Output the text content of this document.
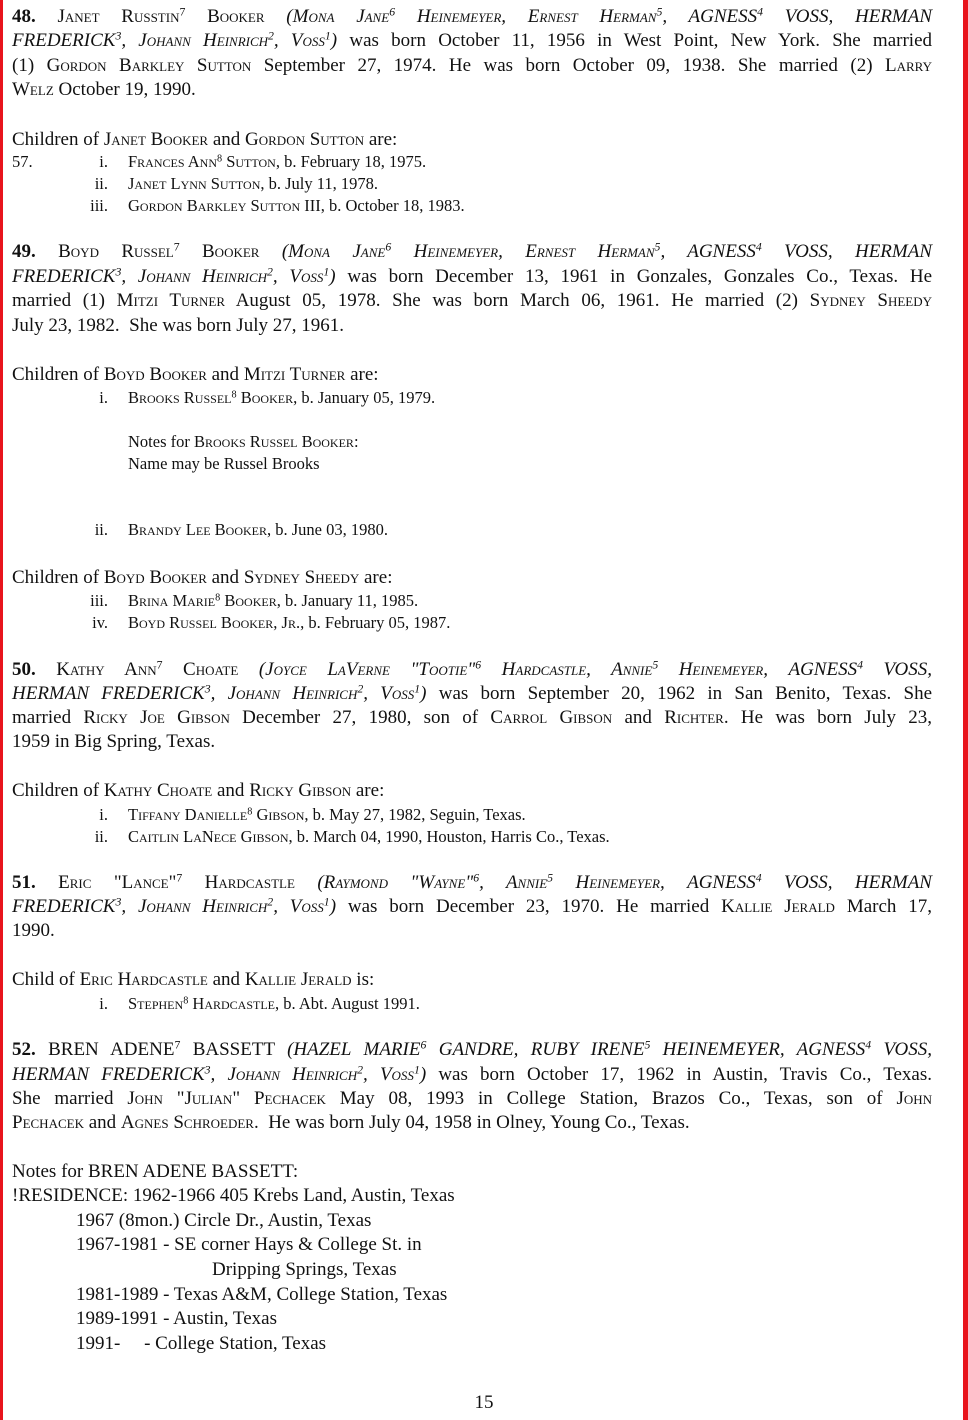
48. Janet Russtin$^7$ Booker (Mona Jane$^6$ Heinemeyer, Ernest Herman$^5$, AGNESS$^4$ VOSS, HERMAN
FREDERICK$^3$, Johann Heinrich$^2$, Voss$^1$) was born October 11, 1956 in West Point, New York. She married
(1) Gordon Barkley Sutton September 27, 1974. He was born October 09, 1938. She married (2) Larry
Welz October 19, 1990.
Children of Janet Booker and Gordon Sutton are:
57.	i. Frances Ann$^8$ Sutton, b. February 18, 1975.
ii. Janet Lynn Sutton, b. July 11, 1978.
iii. Gordon Barkley Sutton III, b. October 18, 1983.
49. Boyd Russel$^7$ Booker (Mona Jane$^6$ Heinemeyer, Ernest Herman$^5$, AGNESS$^4$ VOSS, HERMAN
FREDERICK$^3$, Johann Heinrich$^2$, Voss$^1$) was born December 13, 1961 in Gonzales, Gonzales Co., Texas. He
married (1) Mitzi Turner August 05, 1978. She was born March 06, 1961. He married (2) Sydney Sheedy
July 23, 1982.  She was born July 27, 1961.
Children of Boyd Booker and Mitzi Turner are:
i. Brooks Russel$^8$ Booker, b. January 05, 1979.
Notes for Brooks Russel Booker:
Name may be Russel Brooks
ii. Brandy Lee Booker, b. June 03, 1980.
Children of Boyd Booker and Sydney Sheedy are:
iii. Brina Marie$^8$ Booker, b. January 11, 1985.
iv. Boyd Russel Booker, Jr., b. February 05, 1987.
50. Kathy Ann$^7$ Choate (Joyce LaVerne "Tootie"$^6$ Hardcastle, Annie$^5$ Heinemeyer, AGNESS$^4$ VOSS,
HERMAN FREDERICK$^3$, Johann Heinrich$^2$, Voss$^1$) was born September 20, 1962 in San Benito, Texas. She
married Ricky Joe Gibson December 27, 1980, son of Carrol Gibson and Richter. He was born July 23,
1959 in Big Spring, Texas.
Children of Kathy Choate and Ricky Gibson are:
i. Tiffany Danielle$^8$ Gibson, b. May 27, 1982, Seguin, Texas.
ii. Caitlin LaNece Gibson, b. March 04, 1990, Houston, Harris Co., Texas.
51. Eric "Lance"$^7$ Hardcastle (Raymond "Wayne"$^6$, Annie$^5$ Heinemeyer, AGNESS$^4$ VOSS, HERMAN
FREDERICK$^3$, Johann Heinrich$^2$, Voss$^1$) was born December 23, 1970. He married Kallie Jerald March 17,
1990.
Child of Eric Hardcastle and Kallie Jerald is:
i. Stephen$^8$ Hardcastle, b. Abt. August 1991.
52. BREN ADENE$^7$ BASSETT (HAZEL MARIE$^6$ GANDRE, RUBY IRENE$^5$ HEINEMEYER, AGNESS$^4$ VOSS,
HERMAN FREDERICK$^3$, Johann Heinrich$^2$, Voss$^1$) was born October 17, 1962 in Austin, Travis Co., Texas.
She married John "Julian" Pechacek May 08, 1993 in College Station, Brazos Co., Texas, son of John
Pechacek and Agnes Schroeder.  He was born July 04, 1958 in Olney, Young Co., Texas.
Notes for BREN ADENE BASSETT:
!RESIDENCE: 1962-1966 405 Krebs Land, Austin, Texas
1967 (8mon.) Circle Dr., Austin, Texas
1967-1981 - SE corner Hays & College St. in
Dripping Springs, Texas
1981-1989 - Texas A&M, College Station, Texas
1989-1991 - Austin, Texas
1991-     - College Station, Texas
15
